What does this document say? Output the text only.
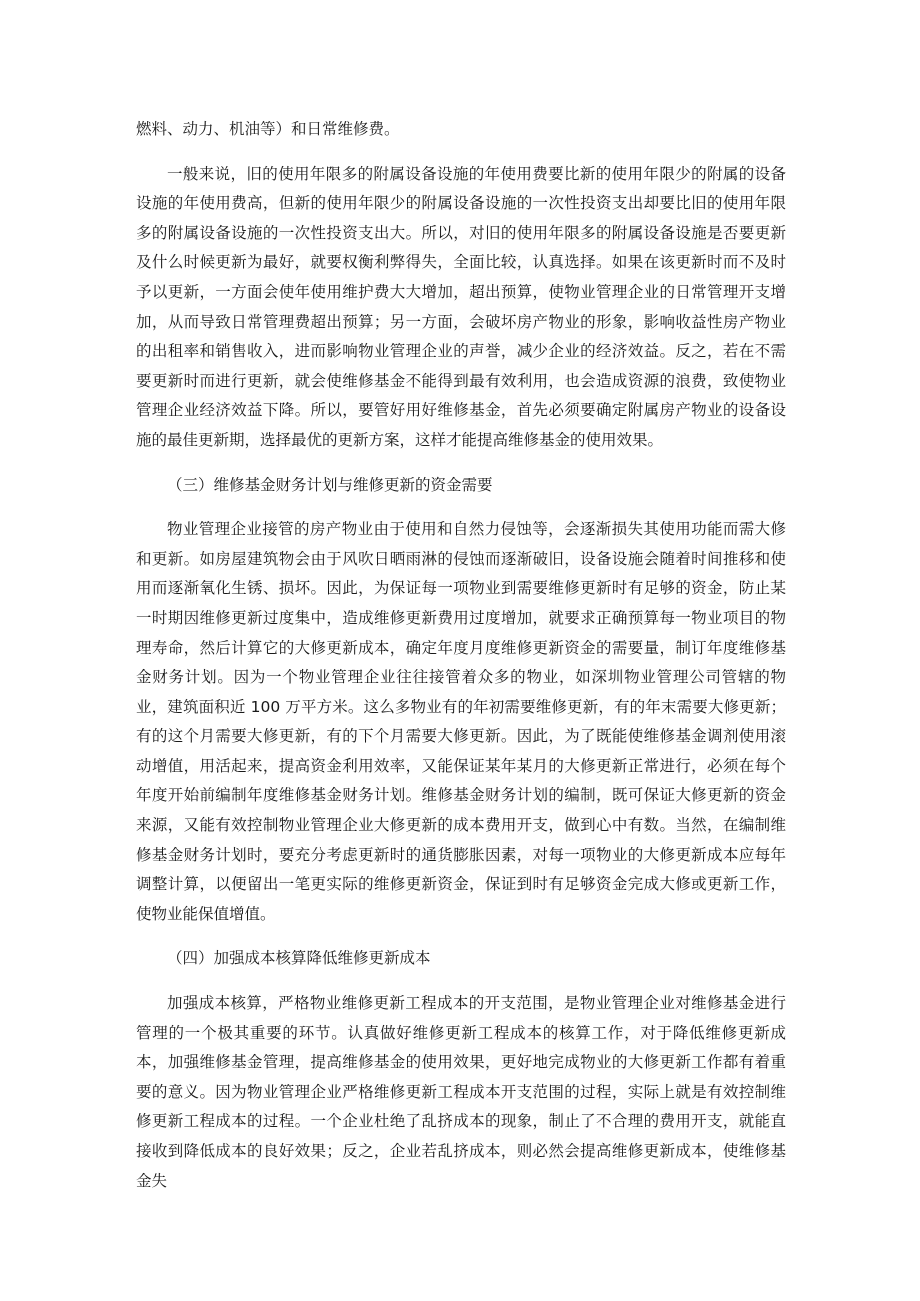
燃料、动力、机油等）和日常维修费。

一般来说，旧的使用年限多的附属设备设施的年使用费要比新的使用年限少的附属的设备设施的年使用费高，但新的使用年限少的附属设备设施的一次性投资支出却要比旧的使用年限多的附属设备设施的一次性投资支出大。所以，对旧的使用年限多的附属设备设施是否要更新及什么时候更新为最好，就要权衡利弊得失，全面比较，认真选择。如果在该更新时而不及时予以更新，一方面会使年使用维护费大大增加，超出预算，使物业管理企业的日常管理开支增加，从而导致日常管理费超出预算；另一方面，会破坏房产物业的形象，影响收益性房产物业的出租率和销售收入，进而影响物业管理企业的声誉，减少企业的经济效益。反之，若在不需要更新时而进行更新，就会使维修基金不能得到最有效利用，也会造成资源的浪费，致使物业管理企业经济效益下降。所以，要管好用好维修基金，首先必须要确定附属房产物业的设备设施的最佳更新期，选择最优的更新方案，这样才能提高维修基金的使用效果。

（三）维修基金财务计划与维修更新的资金需要

物业管理企业接管的房产物业由于使用和自然力侵蚀等，会逐渐损失其使用功能而需大修和更新。如房屋建筑物会由于风吹日晒雨淋的侵蚀而逐渐破旧，设备设施会随着时间推移和使用而逐渐氧化生锈、损坏。因此，为保证每一项物业到需要维修更新时有足够的资金，防止某一时期因维修更新过度集中，造成维修更新费用过度增加，就要求正确预算每一物业项目的物理寿命，然后计算它的大修更新成本，确定年度月度维修更新资金的需要量，制订年度维修基金财务计划。因为一个物业管理企业往往接管着众多的物业，如深圳物业管理公司管辖的物业，建筑面积近 100 万平方米。这么多物业有的年初需要维修更新，有的年末需要大修更新；有的这个月需要大修更新，有的下个月需要大修更新。因此，为了既能使维修基金调剂使用滚动增值，用活起来，提高资金利用效率，又能保证某年某月的大修更新正常进行，必须在每个年度开始前编制年度维修基金财务计划。维修基金财务计划的编制，既可保证大修更新的资金来源，又能有效控制物业管理企业大修更新的成本费用开支，做到心中有数。当然，在编制维修基金财务计划时，要充分考虑更新时的通货膨胀因素，对每一项物业的大修更新成本应每年调整计算，以便留出一笔更实际的维修更新资金，保证到时有足够资金完成大修或更新工作，使物业能保值增值。

（四）加强成本核算降低维修更新成本

加强成本核算，严格物业维修更新工程成本的开支范围，是物业管理企业对维修基金进行管理的一个极其重要的环节。认真做好维修更新工程成本的核算工作，对于降低维修更新成本，加强维修基金管理，提高维修基金的使用效果，更好地完成物业的大修更新工作都有着重要的意义。因为物业管理企业严格维修更新工程成本开支范围的过程，实际上就是有效控制维修更新工程成本的过程。一个企业杜绝了乱挤成本的现象，制止了不合理的费用开支，就能直接收到降低成本的良好效果；反之，企业若乱挤成本，则必然会提高维修更新成本，使维修基金失
